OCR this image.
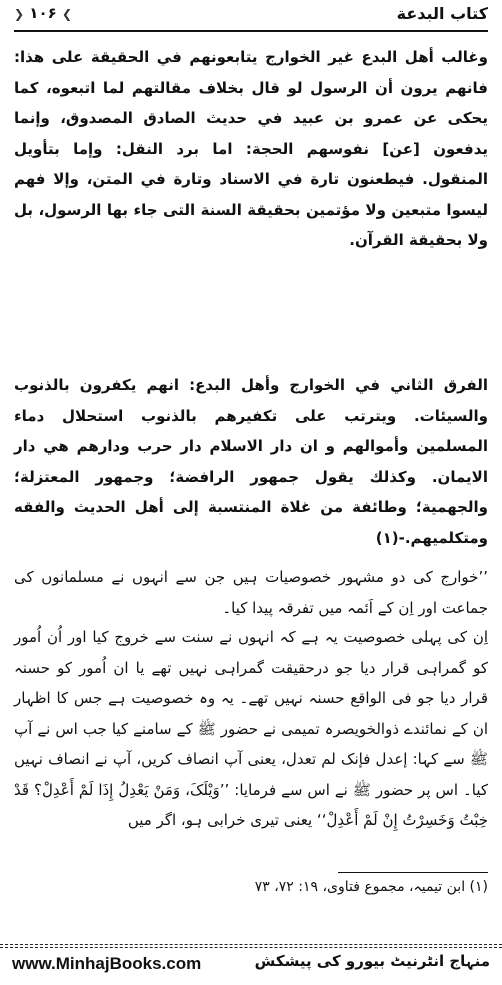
كتاب البدعة
❯ ۱۰۶ ❮
وغالب أهل البدع غير الخوارج يتابعونهم في الحقيقة على هذا: فانهم يرون أن الرسول لو قال بخلاف مقالتهم لما اتبعوه، كما يحكى عن عمرو بن عبيد في حديث الصادق المصدوق، وإنما يدفعون [عن] نفوسهم الحجة: اما برد النقل: وإما بتأويل المنقول. فيطعنون تارة في الاسناد وتارة في المتن، وإلا فهم ليسوا متبعين ولا مؤتمين بحقيقة السنة التى جاء بها الرسول، بل ولا بحقيقة القرآن.
الفرق الثاني في الخوارج وأهل البدع: انهم يكفرون بالذنوب والسيئات. ويترتب على تكفيرهم بالذنوب استحلال دماء المسلمين وأموالهم و ان دار الاسلام دار حرب ودارهم هي دار الايمان. وكذلك يقول جمهور الرافضة؛ وجمهور المعتزلة؛ والجهمية؛ وطائفة من غلاة المنتسبة إلى أهل الحديث والفقه ومتكلميهم.-(۱)
’’خوارج کی دو مشہور خصوصیات ہیں جن سے انہوں نے مسلمانوں کی جماعت اور اِن کے اَئمہ میں تفرقہ پیدا کیا۔
اِن کی پہلی خصوصیت یہ ہے کہ انہوں نے سنت سے خروج کیا اور اُن اُمور کو گمراہی قرار دیا جو درحقیقت گمراہی نہیں تھے یا ان اُمور کو حسنہ قرار دیا جو فی الواقع حسنہ نہیں تھے۔ یہ وہ خصوصیت ہے جس کا اظہار ان کے نمائندے ذوالخویصرہ تمیمی نے حضور ﷺ کے سامنے کیا جب اس نے آپ ﷺ سے کہا: إعدل فإنک لم تعدل، یعنی آپ انصاف کریں، آپ نے انصاف نہیں کیا۔ اس پر حضور ﷺ نے اس سے فرمایا: ’’وَیْلَکَ، وَمَنْ یَعْدِلُ إِذَا لَمْ أَعْدِلْ؟ قَدْ خِبْتُ وَخَسِرْتُ إِنْ لَمْ أَعْدِلْ‘‘ یعنی تیری خرابی ہو، اگر میں
(۱) ابن تیمیہ، مجموع فتاوی، ۱۹: ۷۲، ۷۳
منہاج انٹرنیٹ بیورو کی پیشکش
www.MinhajBooks.com
